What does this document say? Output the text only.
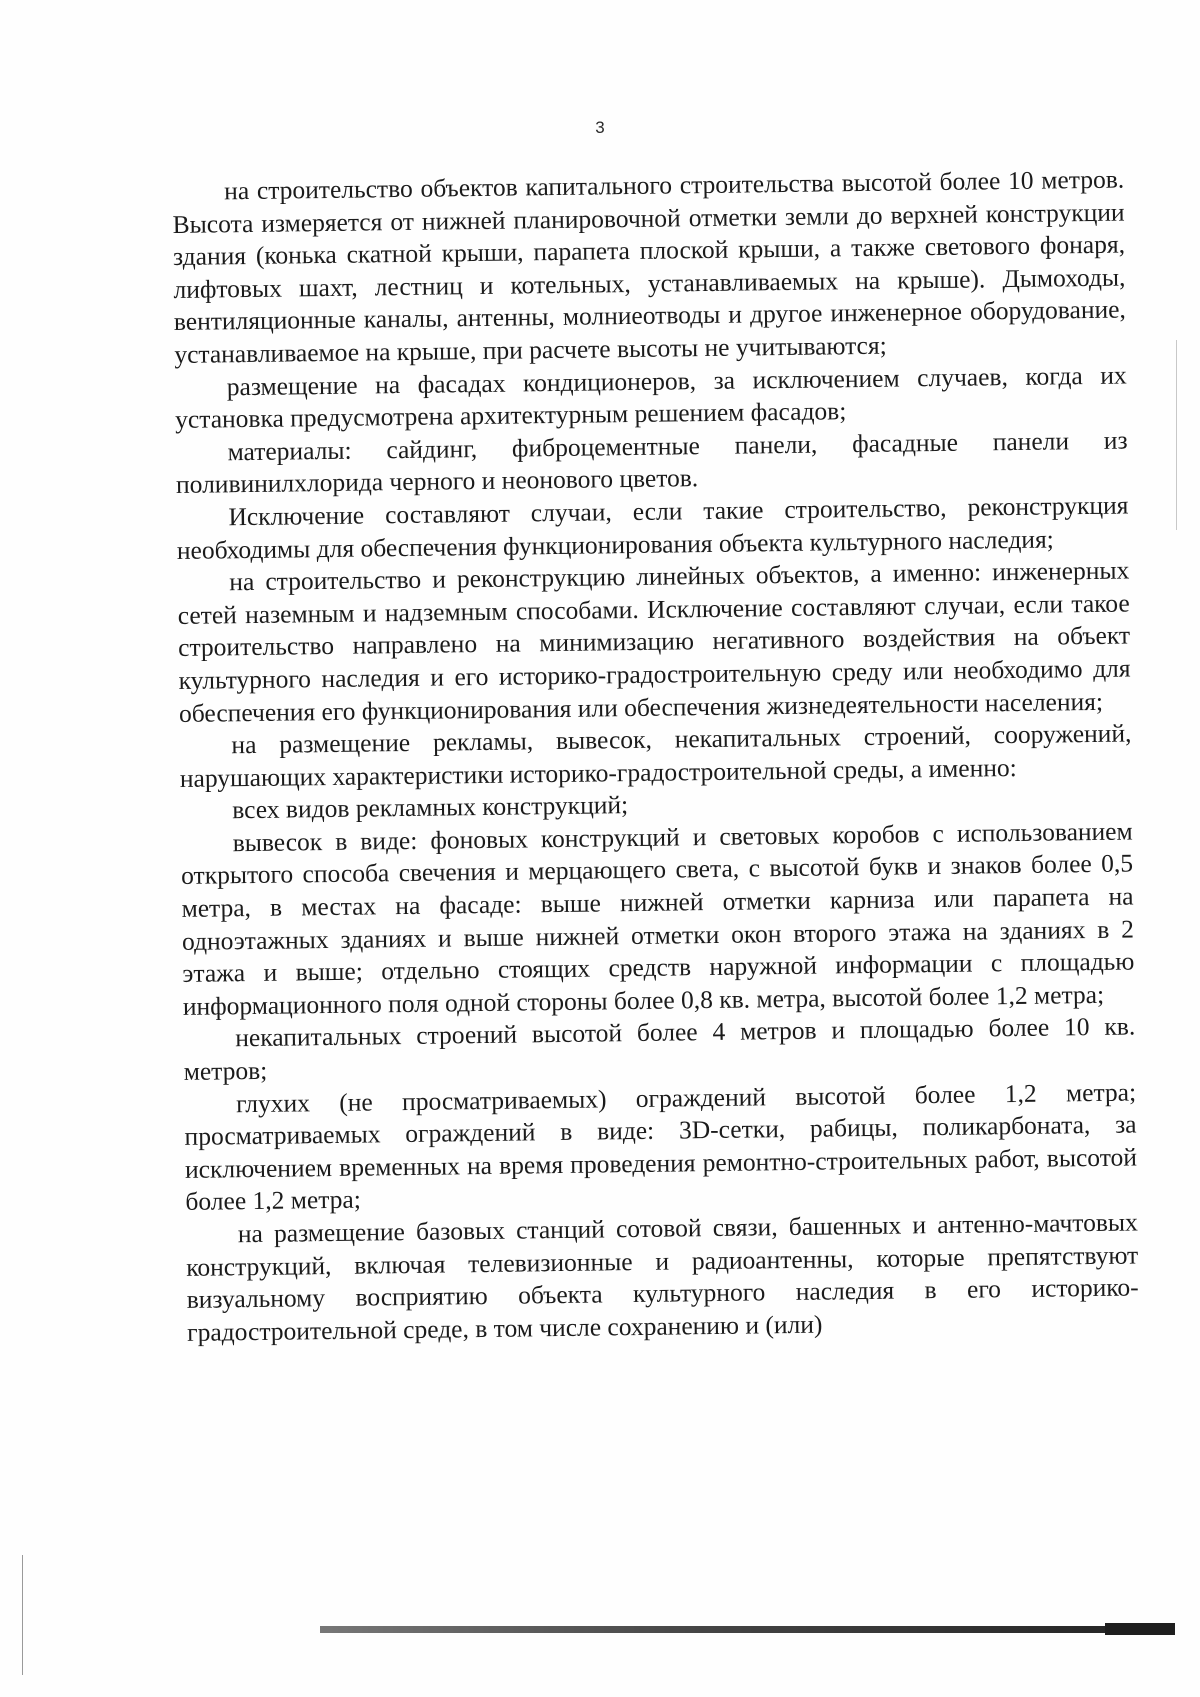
3

на строительство объектов капитального строительства высотой более 10 метров. Высота измеряется от нижней планировочной отметки земли до верхней конструкции здания (конька скатной крыши, парапета плоской крыши, а также светового фонаря, лифтовых шахт, лестниц и котельных, устанавливаемых на крыше). Дымоходы, вентиляционные каналы, антенны, молниеотводы и другое инженерное оборудование, устанавливаемое на крыше, при расчете высоты не учитываются;

размещение на фасадах кондиционеров, за исключением случаев, когда их установка предусмотрена архитектурным решением фасадов;

материалы: сайдинг, фиброцементные панели, фасадные панели из поливинилхлорида черного и неонового цветов.

Исключение составляют случаи, если такие строительство, реконструкция необходимы для обеспечения функционирования объекта культурного наследия;

на строительство и реконструкцию линейных объектов, а именно: инженерных сетей наземным и надземным способами. Исключение составляют случаи, если такое строительство направлено на минимизацию негативного воздействия на объект культурного наследия и его историко-градостроительную среду или необходимо для обеспечения его функционирования или обеспечения жизнедеятельности населения;

на размещение рекламы, вывесок, некапитальных строений, сооружений, нарушающих характеристики историко-градостроительной среды, а именно:

всех видов рекламных конструкций;

вывесок в виде: фоновых конструкций и световых коробов с использованием открытого способа свечения и мерцающего света, с высотой букв и знаков более 0,5 метра, в местах на фасаде: выше нижней отметки карниза или парапета на одноэтажных зданиях и выше нижней отметки окон второго этажа на зданиях в 2 этажа и выше; отдельно стоящих средств наружной информации с площадью информационного поля одной стороны более 0,8 кв. метра, высотой более 1,2 метра;

некапитальных строений высотой более 4 метров и площадью более 10 кв. метров;

глухих (не просматриваемых) ограждений высотой более 1,2 метра; просматриваемых ограждений в виде: 3D-сетки, рабицы, поликарбоната, за исключением временных на время проведения ремонтно-строительных работ, высотой более 1,2 метра;

на размещение базовых станций сотовой связи, башенных и антенно-мачтовых конструкций, включая телевизионные и радиоантенны, которые препятствуют визуальному восприятию объекта культурного наследия в его историко-градостроительной среде, в том числе сохранению и (или)
